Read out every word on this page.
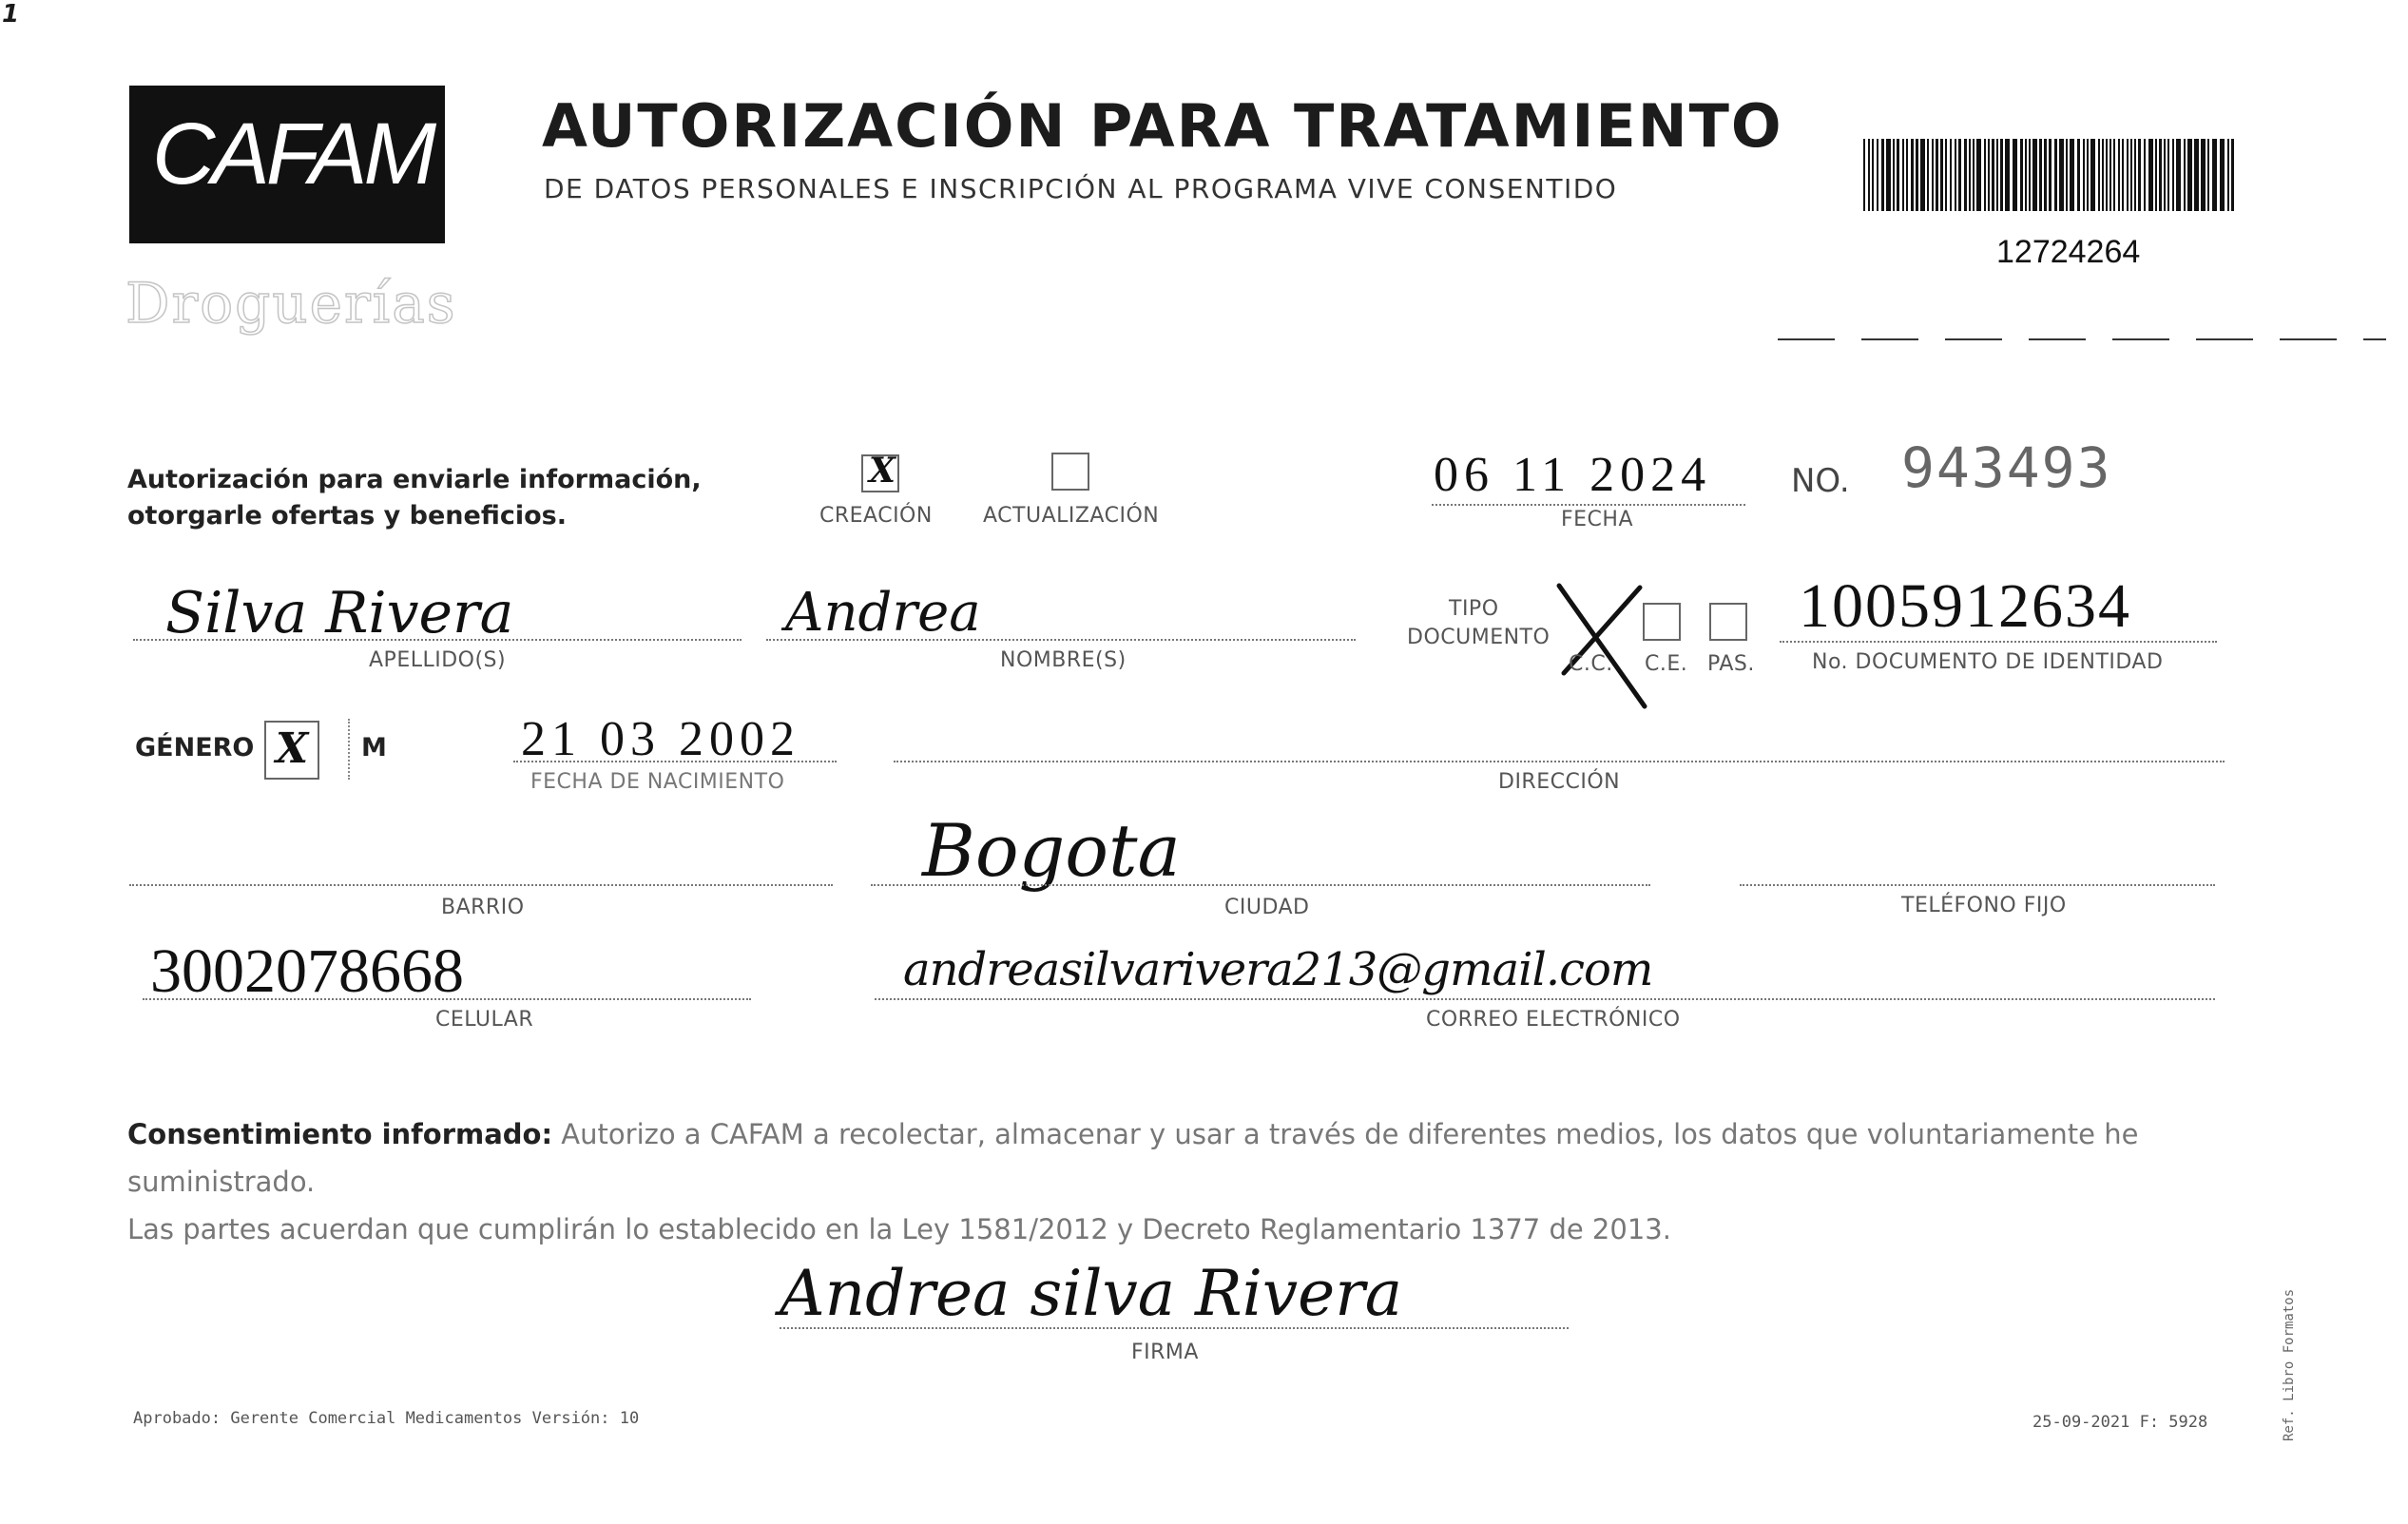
1
CAFAM
Droguerías
AUTORIZACIÓN PARA TRATAMIENTO
DE DATOS PERSONALES E INSCRIPCIÓN AL PROGRAMA VIVE CONSENTIDO
12724264
Autorización para enviarle información,
otorgarle ofertas y beneficios.
X
CREACIÓN ACTUALIZACIÓN
06 11 2024
FECHA
NO. 943493
Silva Rivera
APELLIDO(S)
Andrea
NOMBRE(S)
TIPO
DOCUMENTO
C.C. C.E. PAS.
1005912634
No. DOCUMENTO DE IDENTIDAD
GÉNERO X M	21 03 2002
FECHA DE NACIMIENTO	DIRECCIÓN
BARRIO
Bogota
CIUDAD	TELÉFONO FIJO
3002078668
CELULAR
andreasilvarivera213@gmail.com
CORREO ELECTRÓNICO
Consentimiento informado: Autorizo a CAFAM a recolectar, almacenar y usar a través de diferentes medios, los datos que voluntariamente he suministrado.
Las partes acuerdan que cumplirán lo establecido en la Ley 1581/2012 y Decreto Reglamentario 1377 de 2013.
Andrea silva Rivera
FIRMA
Aprobado: Gerente Comercial Medicamentos Versión: 10	25-09-2021 F: 5928	Ref. Libro Formatos
